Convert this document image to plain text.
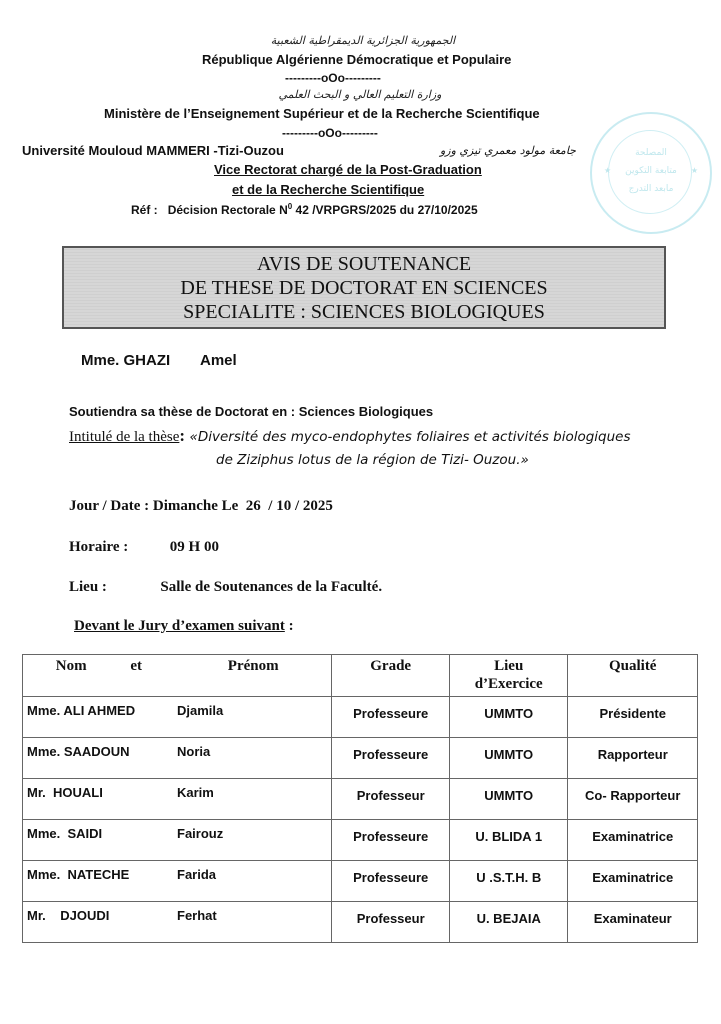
★	★
المصلحة
متابعة التكوين
مابعد التدرج
الجمهورية الجزائرية الديمقراطية الشعبية
République Algérienne Démocratique et Populaire
---------oOo---------
وزارة التعليم العالي و البحث العلمي
Ministère de l’Enseignement Supérieur et de la Recherche Scientifique
---------oOo---------
Université Mouloud MAMMERI -Tizi-Ouzou	جامعة مولود معمري تيزي وزو
Vice Rectorat chargé de la Post-Graduation
et de la Recherche Scientifique
Réf : Décision Rectorale $N^0$ 42 /VRPGRS/2025 du 27/10/2025
AVIS DE SOUTENANCE
DE THESE DE DOCTORAT EN SCIENCES
SPECIALITE : SCIENCES BIOLOGIQUES
Mme. GHAZI Amel
Soutiendra sa thèse de Doctorat en : Sciences Biologiques
Intitulé de la thèse: «Diversité des myco-endophytes foliaires et activités biologiques
de Ziziphus lotus de la région de Tizi- Ouzou.»
Jour / Date : Dimanche Le  26  / 10 / 2025
Horaire :	09 H 00
Lieu :	Salle de Soutenances de la Faculté.
Devant le Jury d’examen suivant :
Nom et Prénom	Grade	Lieu
d’Exercice	Qualité

Mme. ALI AHMED Djamila	Professeure	UMMTO	Présidente

Mme. SAADOUN Noria	Professeure	UMMTO	Rapporteur

Mr.  HOUALI Karim	Professeur	UMMTO	Co- Rapporteur

Mme.  SAIDI Fairouz	Professeure	U. BLIDA 1	Examinatrice

Mme.  NATECHE Farida	Professeure	U .S.T.H. B	Examinatrice

Mr.    DJOUDI Ferhat	Professeur	U. BEJAIA	Examinateur
